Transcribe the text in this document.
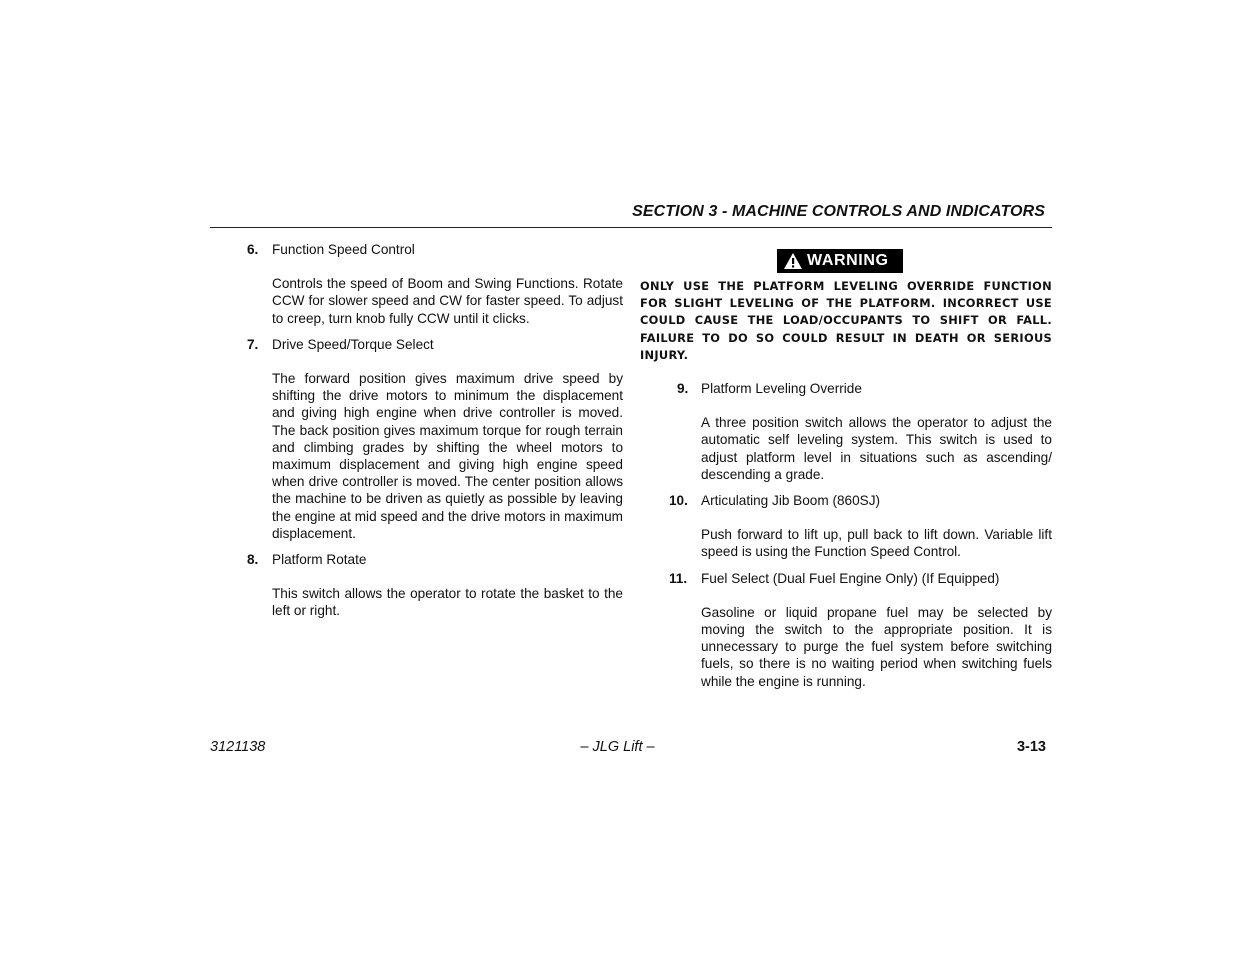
SECTION 3 - MACHINE CONTROLS AND INDICATORS
6. Function Speed Control
Controls the speed of Boom and Swing Functions. Rotate CCW for slower speed and CW for faster speed. To adjust to creep, turn knob fully CCW until it clicks.
7. Drive Speed/Torque Select
The forward position gives maximum drive speed by shifting the drive motors to minimum the displacement and giving high engine when drive controller is moved. The back position gives maximum torque for rough terrain and climbing grades by shifting the wheel motors to maximum displacement and giving high engine speed when drive controller is moved. The center position allows the machine to be driven as quietly as possible by leaving the engine at mid speed and the drive motors in maximum displacement.
8. Platform Rotate
This switch allows the operator to rotate the basket to the left or right.
WARNING
ONLY USE THE PLATFORM LEVELING OVERRIDE FUNCTION FOR SLIGHT LEVELING OF THE PLATFORM. INCORRECT USE COULD CAUSE THE LOAD/OCCUPANTS TO SHIFT OR FALL. FAILURE TO DO SO COULD RESULT IN DEATH OR SERIOUS INJURY.
9. Platform Leveling Override
A three position switch allows the operator to adjust the automatic self leveling system. This switch is used to adjust platform level in situations such as ascending/ descending a grade.
10. Articulating Jib Boom (860SJ)
Push forward to lift up, pull back to lift down. Variable lift speed is using the Function Speed Control.
11. Fuel Select (Dual Fuel Engine Only) (If Equipped)
Gasoline or liquid propane fuel may be selected by moving the switch to the appropriate position. It is unnecessary to purge the fuel system before switching fuels, so there is no waiting period when switching fuels while the engine is running.
3121138	– JLG Lift –	3-13
